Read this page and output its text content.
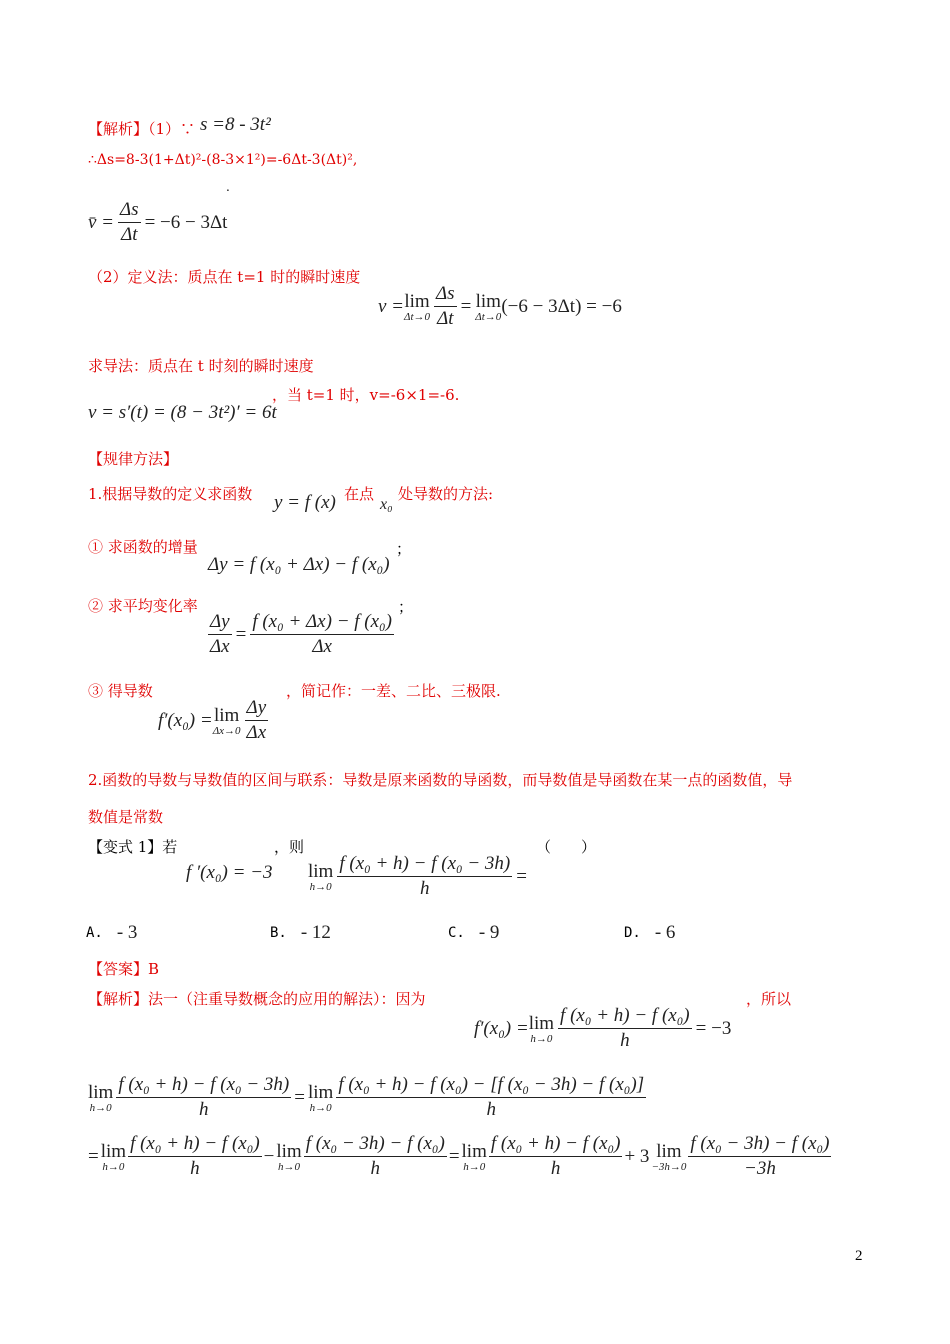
【解析】（1）∵ s =8 - 3t²
∴Δs=8-3(1+Δt)²-(8-3×1²)=-6Δt-3(Δt)²,
.
v̄ = $\frac{\Delta s}{\Delta t} = -6 - 3\Delta t$
（2）定义法：质点在 t=1 时的瞬时速度
v = lim
$\Delta t\to 0 \frac{\Delta s}{\Delta t} = \lim$
Δt→0 (−6 − 3Δt) = −6
求导法：质点在 t 时刻的瞬时速度
v = s′(t) = (8 − 3t²)′ = 6t
，当 t=1 时，v=-6×1=-6.
【规律方法】
1.根据导数的定义求函数 y = f (x) 在点
x₀
处导数的方法:
① 求函数的增量
Δy = f (x₀ + Δx) − f (x₀)
；
② 求平均变化率
$\frac{\Delta y}{\Delta x} = \frac{\text{f (x₀ + Δx) − f (x₀)}}{\Delta x}$
；
③ 得导数	，简记作：一差、二比、三极限.
f′(x₀) = lim
$\Delta x\to 0 \frac{\Delta y}{\Delta x}$
2.函数的导数与导数值的区间与联系：导数是原来函数的导函数，而导数值是导函数在某一点的函数值，导
数值是常数
【变式 1】若	，则	（　　）
f ′(x₀) = −3 lim
$h\to 0 \frac{\text{f (x₀ + h) − f (x₀ − 3h)}}{h}$ =
A. - 3	B. - 12	C. - 9	D. - 6
【答案】B
【解析】法一（注重导数概念的应用的解法）：因为	，所以
f′(x₀) = lim
$h\to 0 \frac{\text{f (x₀ + h) − f (x₀)}}{h} = -3$
lim
$h\to 0 \frac{\text{f (x₀ + h) − f (x₀ − 3h)}}{h} = \lim$
$h\to 0 \frac{\text{f (x₀ + h) − f (x₀) − [f (x₀ − 3h) − f (x₀)]}}{h}$
= lim
$h\to 0 \frac{\text{f (x₀ + h) − f (x₀)}}{h} - \lim$
$h\to 0 \frac{\text{f (x₀ − 3h) − f (x₀)}}{h} = \lim$
$h\to 0 \frac{\text{f (x₀ + h) − f (x₀)}}{h} + 3$ lim
$-3h\to 0 \frac{\text{f (x₀ − 3h) − f (x₀)}}{-3h}$
2
